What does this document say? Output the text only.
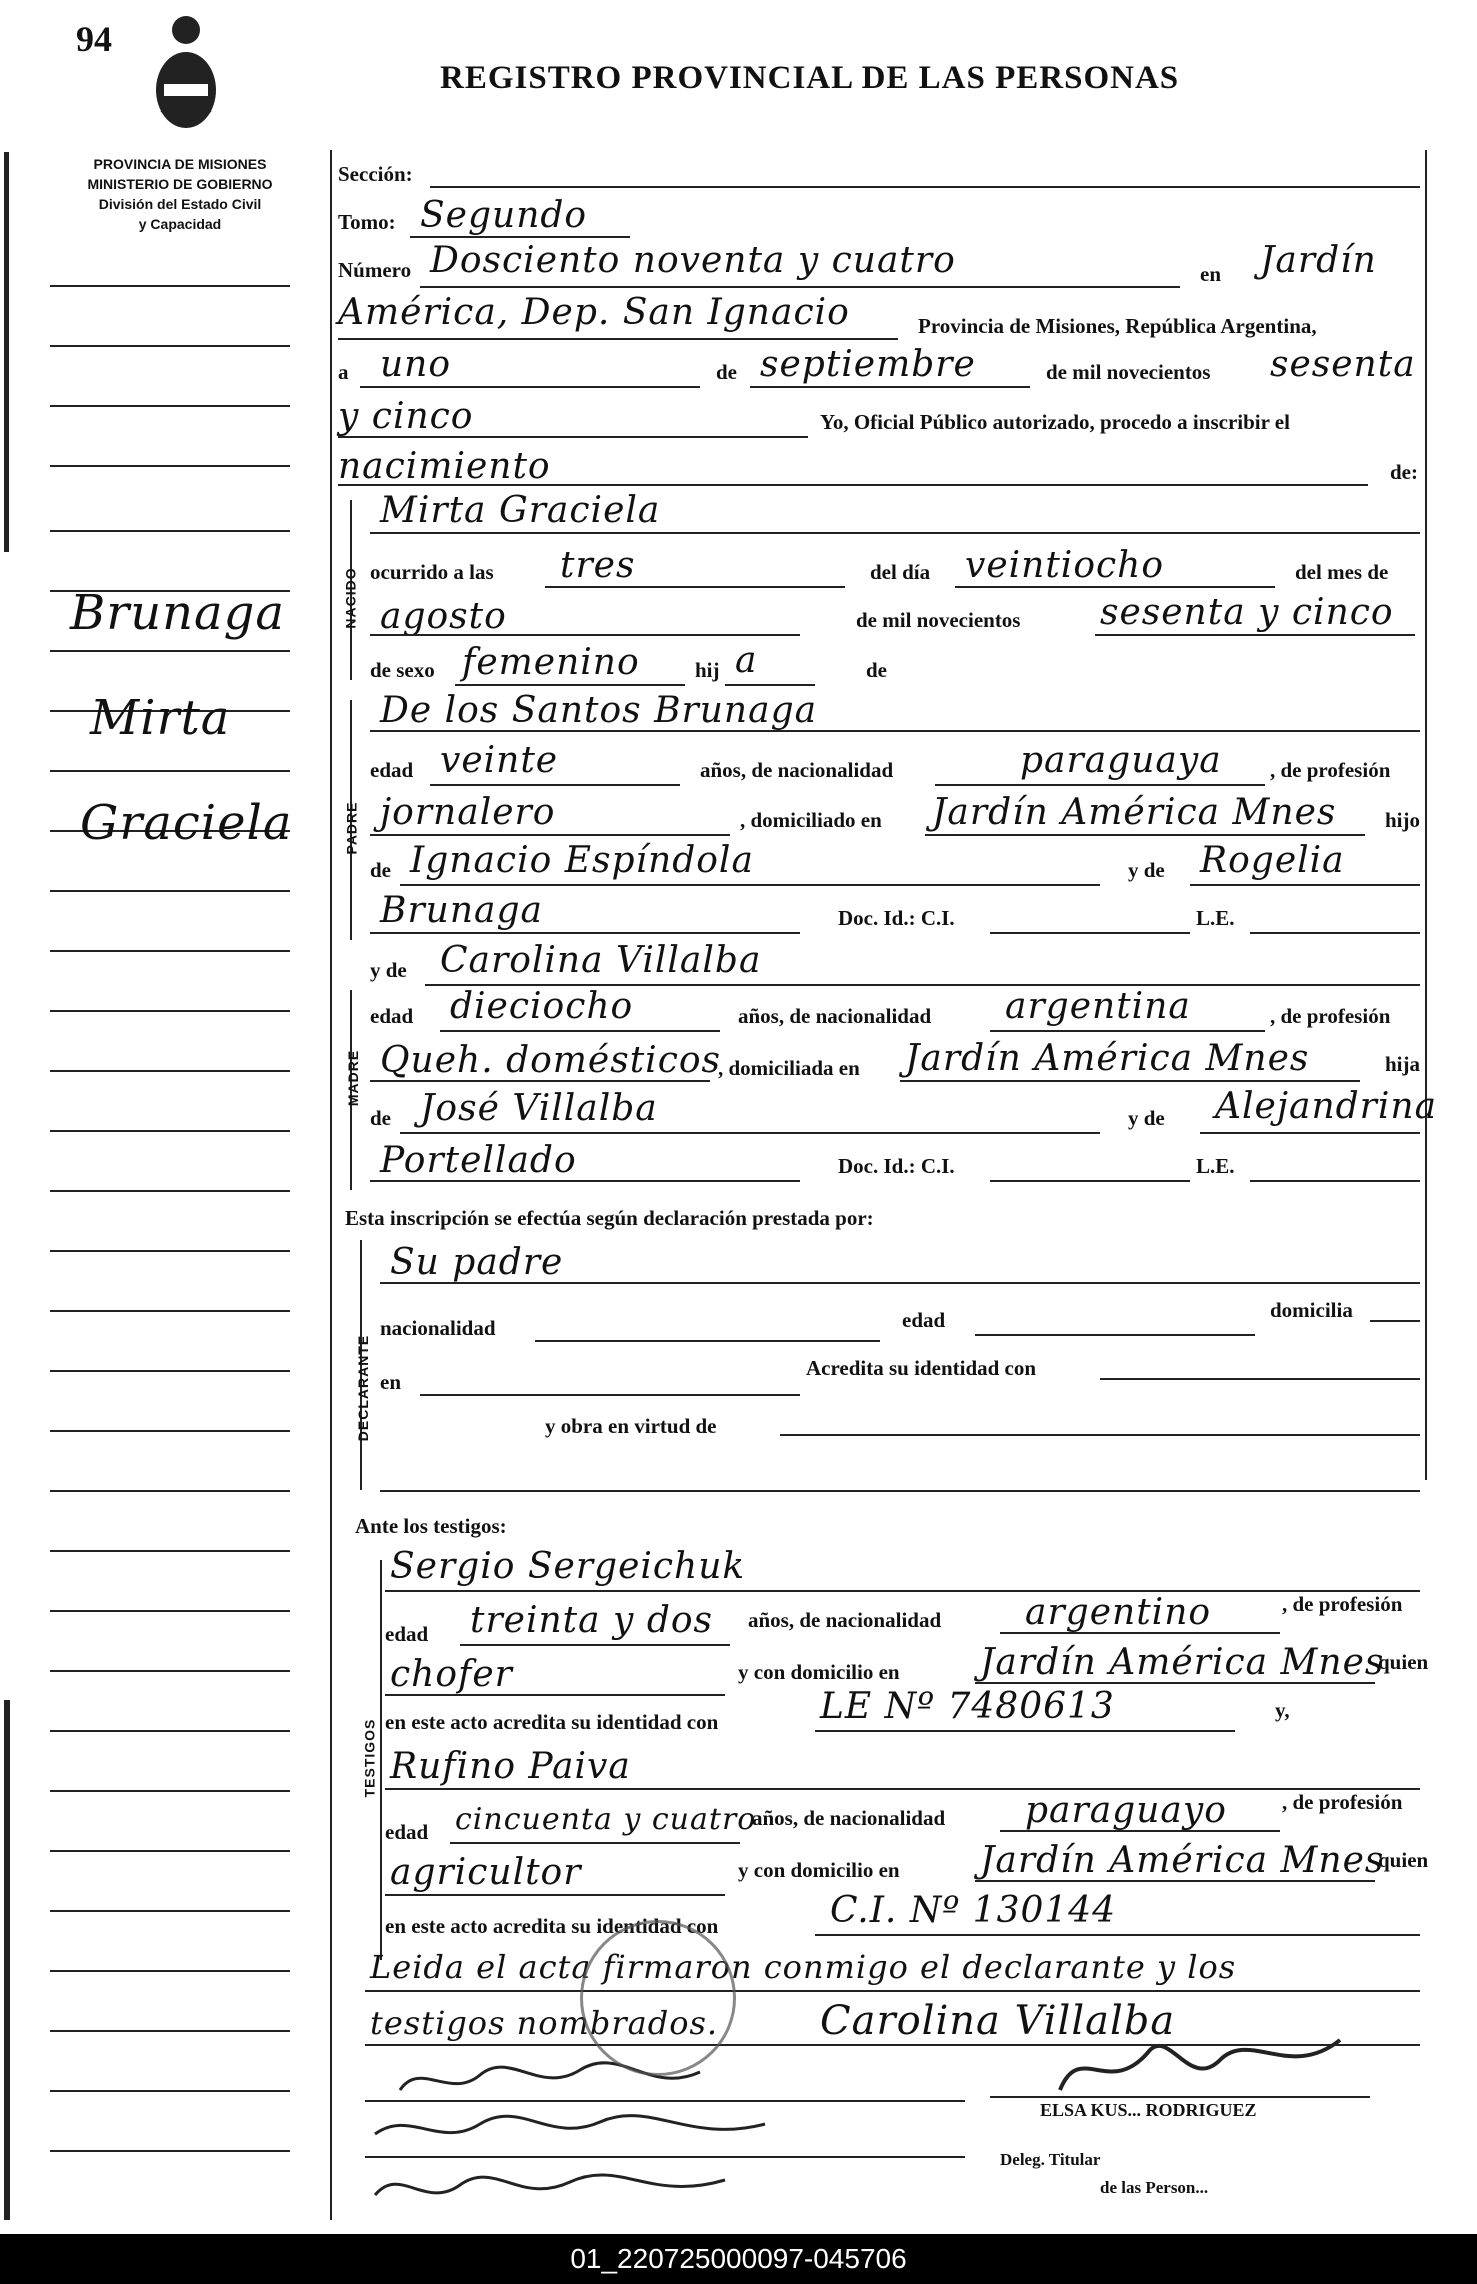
94
REGISTRO PROVINCIAL DE LAS PERSONAS
PROVINCIA DE MISIONES
MINISTERIO DE GOBIERNO
División del Estado Civil
y Capacidad
Brunaga
Mirta
Graciela
Sección:
Tomo: Segundo
Número Dosciento noventa y cuatro	en Jardín
América, Dep. San Ignacio	Provincia de Misiones, República Argentina,
a uno	de septiembre	de mil novecientos sesenta
y cinco	Yo, Oficial Público autorizado, procedo a inscribir el
nacimiento	de:
NACIDO
Mirta Graciela
ocurrido a las tres	del día veintiocho	del mes de
agosto	de mil novecientos sesenta y cinco
de sexo femenino	hij a	de
PADRE
De los Santos Brunaga
edad veinte	años, de nacionalidad	paraguaya , de profesión
jornalero	, domiciliado en Jardín América Mnes hijo
de Ignacio Espíndola	y de Rogelia
Brunaga	Doc. Id.: C.I.	L.E.
y de Carolina Villalba
MADRE
edad dieciocho	años, de nacionalidad argentina	, de profesión
Queh. domésticos
, domiciliada en Jardín América Mnes	hija
de José Villalba	y de Alejandrina
Portellado	Doc. Id.: C.I.	L.E.
Esta inscripción se efectúa según declaración prestada por:
DECLARANTE
Su padre
nacionalidad	edad	domicilia
en
Acredita su identidad con
y obra en virtud de
Ante los testigos:
TESTIGOS
Sergio Sergeichuk
edad treinta y dos años, de nacionalidad argentino	, de profesión
chofer	y con domicilio en Jardín América Mnes
quien
en este acto acredita su identidad con	LE Nº 7480613	y,
Rufino Paiva
edad cincuenta y cuatro
años, de nacionalidad paraguayo	, de profesión
agricultor	y con domicilio en Jardín América Mnes
quien
en este acto acredita su identidad con	C.I. Nº 130144
Leida el acta firmaron conmigo el declarante y los
testigos nombrados.	Carolina Villalba
ELSA KUS... RODRIGUEZ
Deleg. Titular
de las Person...
01_220725000097-045706
